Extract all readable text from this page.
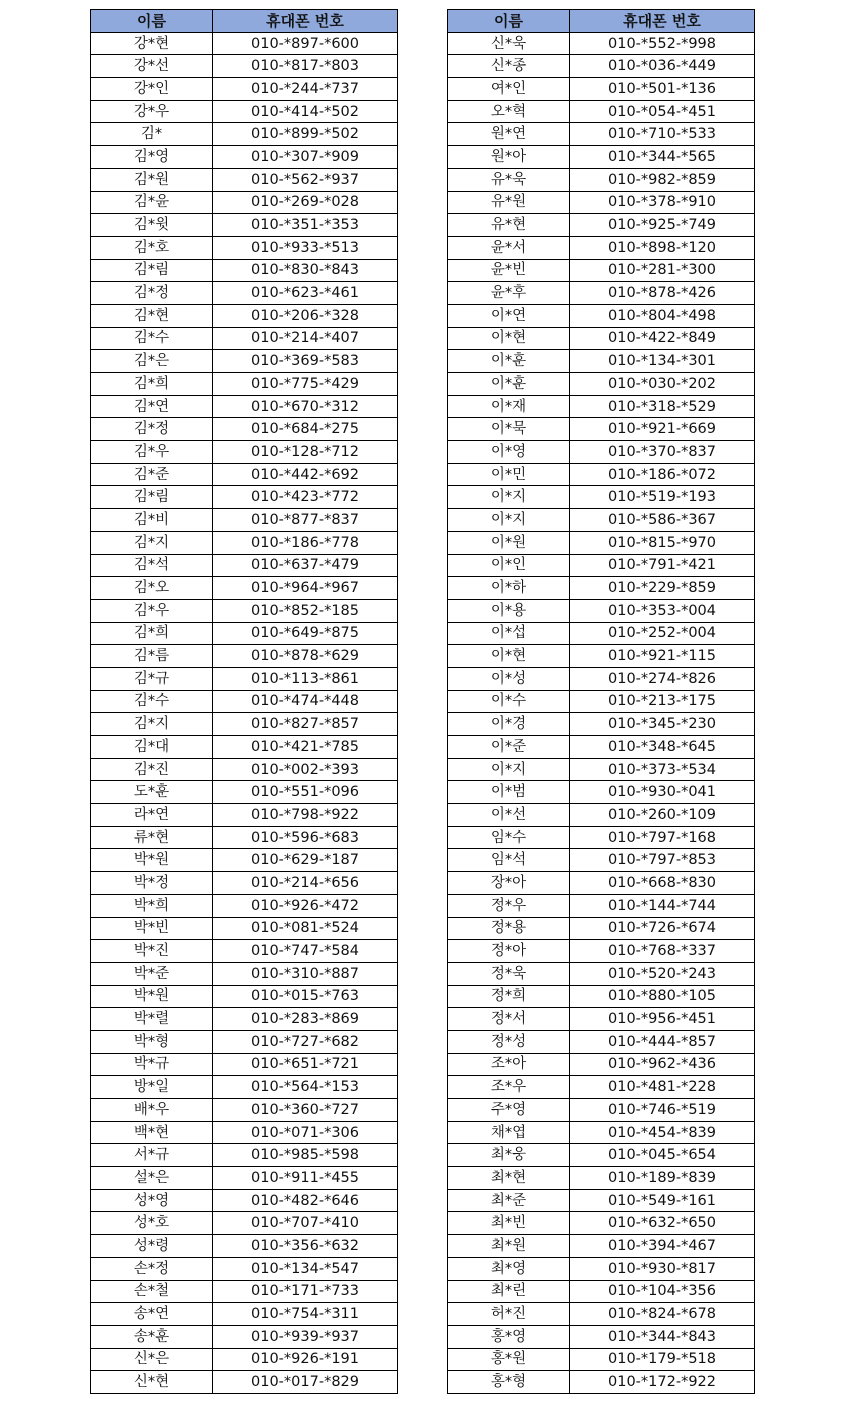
이름	휴대폰 번호
강*현	010-*897-*600
강*선	010-*817-*803
강*인	010-*244-*737
강*우	010-*414-*502
김*	010-*899-*502
김*영	010-*307-*909
김*원	010-*562-*937
김*윤	010-*269-*028
김*윗	010-*351-*353
김*호	010-*933-*513
김*림	010-*830-*843
김*정	010-*623-*461
김*현	010-*206-*328
김*수	010-*214-*407
김*은	010-*369-*583
김*희	010-*775-*429
김*연	010-*670-*312
김*정	010-*684-*275
김*우	010-*128-*712
김*준	010-*442-*692
김*림	010-*423-*772
김*비	010-*877-*837
김*지	010-*186-*778
김*석	010-*637-*479
김*오	010-*964-*967
김*우	010-*852-*185
김*희	010-*649-*875
김*름	010-*878-*629
김*규	010-*113-*861
김*수	010-*474-*448
김*지	010-*827-*857
김*대	010-*421-*785
김*진	010-*002-*393
도*훈	010-*551-*096
라*연	010-*798-*922
류*현	010-*596-*683
박*원	010-*629-*187
박*정	010-*214-*656
박*희	010-*926-*472
박*빈	010-*081-*524
박*진	010-*747-*584
박*준	010-*310-*887
박*원	010-*015-*763
박*렬	010-*283-*869
박*형	010-*727-*682
박*규	010-*651-*721
방*일	010-*564-*153
배*우	010-*360-*727
백*현	010-*071-*306
서*규	010-*985-*598
설*은	010-*911-*455
성*영	010-*482-*646
성*호	010-*707-*410
성*령	010-*356-*632
손*정	010-*134-*547
손*철	010-*171-*733
송*연	010-*754-*311
송*훈	010-*939-*937
신*은	010-*926-*191
신*현	010-*017-*829
이름	휴대폰 번호
신*욱	010-*552-*998
신*종	010-*036-*449
여*인	010-*501-*136
오*혁	010-*054-*451
원*연	010-*710-*533
원*아	010-*344-*565
유*욱	010-*982-*859
유*원	010-*378-*910
유*현	010-*925-*749
윤*서	010-*898-*120
윤*빈	010-*281-*300
윤*후	010-*878-*426
이*연	010-*804-*498
이*현	010-*422-*849
이*훈	010-*134-*301
이*훈	010-*030-*202
이*재	010-*318-*529
이*묵	010-*921-*669
이*영	010-*370-*837
이*민	010-*186-*072
이*지	010-*519-*193
이*지	010-*586-*367
이*원	010-*815-*970
이*인	010-*791-*421
이*하	010-*229-*859
이*용	010-*353-*004
이*섭	010-*252-*004
이*현	010-*921-*115
이*성	010-*274-*826
이*수	010-*213-*175
이*경	010-*345-*230
이*준	010-*348-*645
이*지	010-*373-*534
이*범	010-*930-*041
이*선	010-*260-*109
임*수	010-*797-*168
임*석	010-*797-*853
장*아	010-*668-*830
정*우	010-*144-*744
정*용	010-*726-*674
정*아	010-*768-*337
정*욱	010-*520-*243
정*희	010-*880-*105
정*서	010-*956-*451
정*성	010-*444-*857
조*아	010-*962-*436
조*우	010-*481-*228
주*영	010-*746-*519
채*엽	010-*454-*839
최*웅	010-*045-*654
최*현	010-*189-*839
최*준	010-*549-*161
최*빈	010-*632-*650
최*원	010-*394-*467
최*영	010-*930-*817
최*린	010-*104-*356
허*진	010-*824-*678
홍*영	010-*344-*843
홍*원	010-*179-*518
홍*형	010-*172-*922
